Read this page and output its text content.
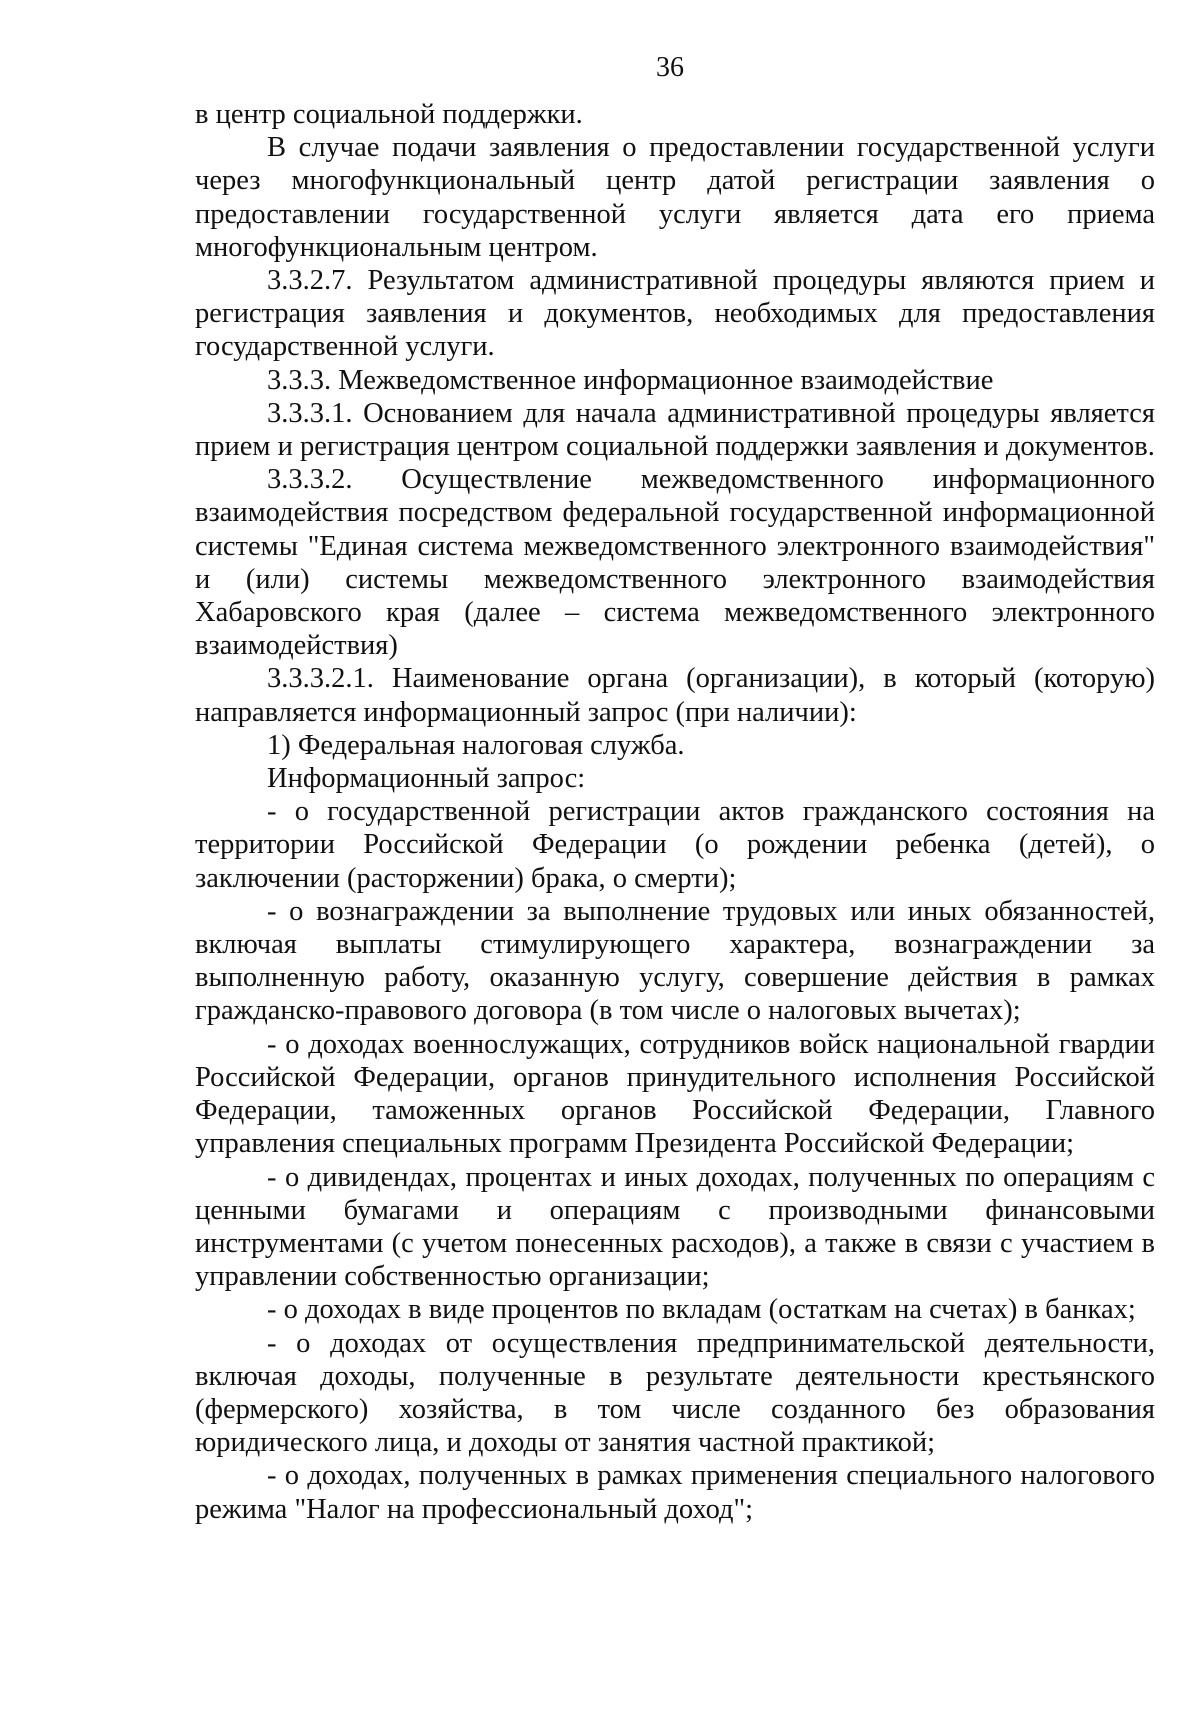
36

в центр социальной поддержки.

В случае подачи заявления о предоставлении государственной услуги через многофункциональный центр датой регистрации заявления о предоставлении государственной услуги является дата его приема многофункциональным центром.

3.3.2.7. Результатом административной процедуры являются прием и регистрация заявления и документов, необходимых для предоставления государственной услуги.

3.3.3. Межведомственное информационное взаимодействие

3.3.3.1. Основанием для начала административной процедуры является прием и регистрация центром социальной поддержки заявления и документов.

3.3.3.2. Осуществление межведомственного информационного взаимодействия посредством федеральной государственной информационной системы "Единая система межведомственного электронного взаимодействия" и (или) системы межведомственного электронного взаимодействия Хабаровского края (далее – система межведомственного электронного взаимодействия)

3.3.3.2.1. Наименование органа (организации), в который (которую) направляется информационный запрос (при наличии):

1) Федеральная налоговая служба.

Информационный запрос:

- о государственной регистрации актов гражданского состояния на территории Российской Федерации (о рождении ребенка (детей), о заключении (расторжении) брака, о смерти);

- о вознаграждении за выполнение трудовых или иных обязанностей, включая выплаты стимулирующего характера, вознаграждении за выполненную работу, оказанную услугу, совершение действия в рамках гражданско-правового договора (в том числе о налоговых вычетах);

- о доходах военнослужащих, сотрудников войск национальной гвардии Российской Федерации, органов принудительного исполнения Российской Федерации, таможенных органов Российской Федерации, Главного управления специальных программ Президента Российской Федерации;

- о дивидендах, процентах и иных доходах, полученных по операциям с ценными бумагами и операциям с производными финансовыми инструментами (с учетом понесенных расходов), а также в связи с участием в управлении собственностью организации;

- о доходах в виде процентов по вкладам (остаткам на счетах) в банках;

- о доходах от осуществления предпринимательской деятельности, включая доходы, полученные в результате деятельности крестьянского (фермерского) хозяйства, в том числе созданного без образования юридического лица, и доходы от занятия частной практикой;

- о доходах, полученных в рамках применения специального налогового режима "Налог на профессиональный доход";
